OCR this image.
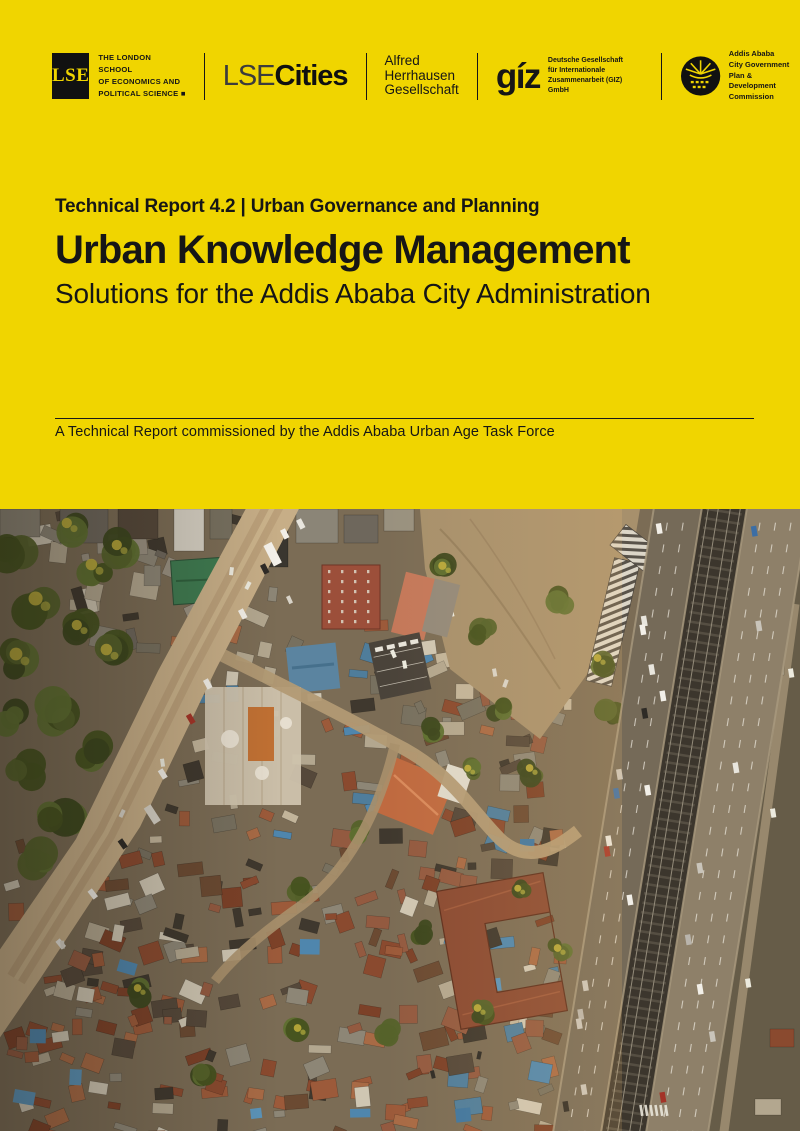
LSE
THE LONDON SCHOOL
OF ECONOMICS AND
POLITICAL SCIENCE ■
LSECities	Alfred
Herrhausen
Gesellschaft gíz Deutsche Gesellschaft
für Internationale
Zusammenarbeit (GIZ) GmbH
Addis Ababa
City Government
Plan & Development
Commission
Technical Report 4.2 | Urban Governance and Planning
Urban Knowledge Management

Solutions for the Addis Ababa City Administration

A Technical Report commissioned by the Addis Ababa Urban Age Task Force
